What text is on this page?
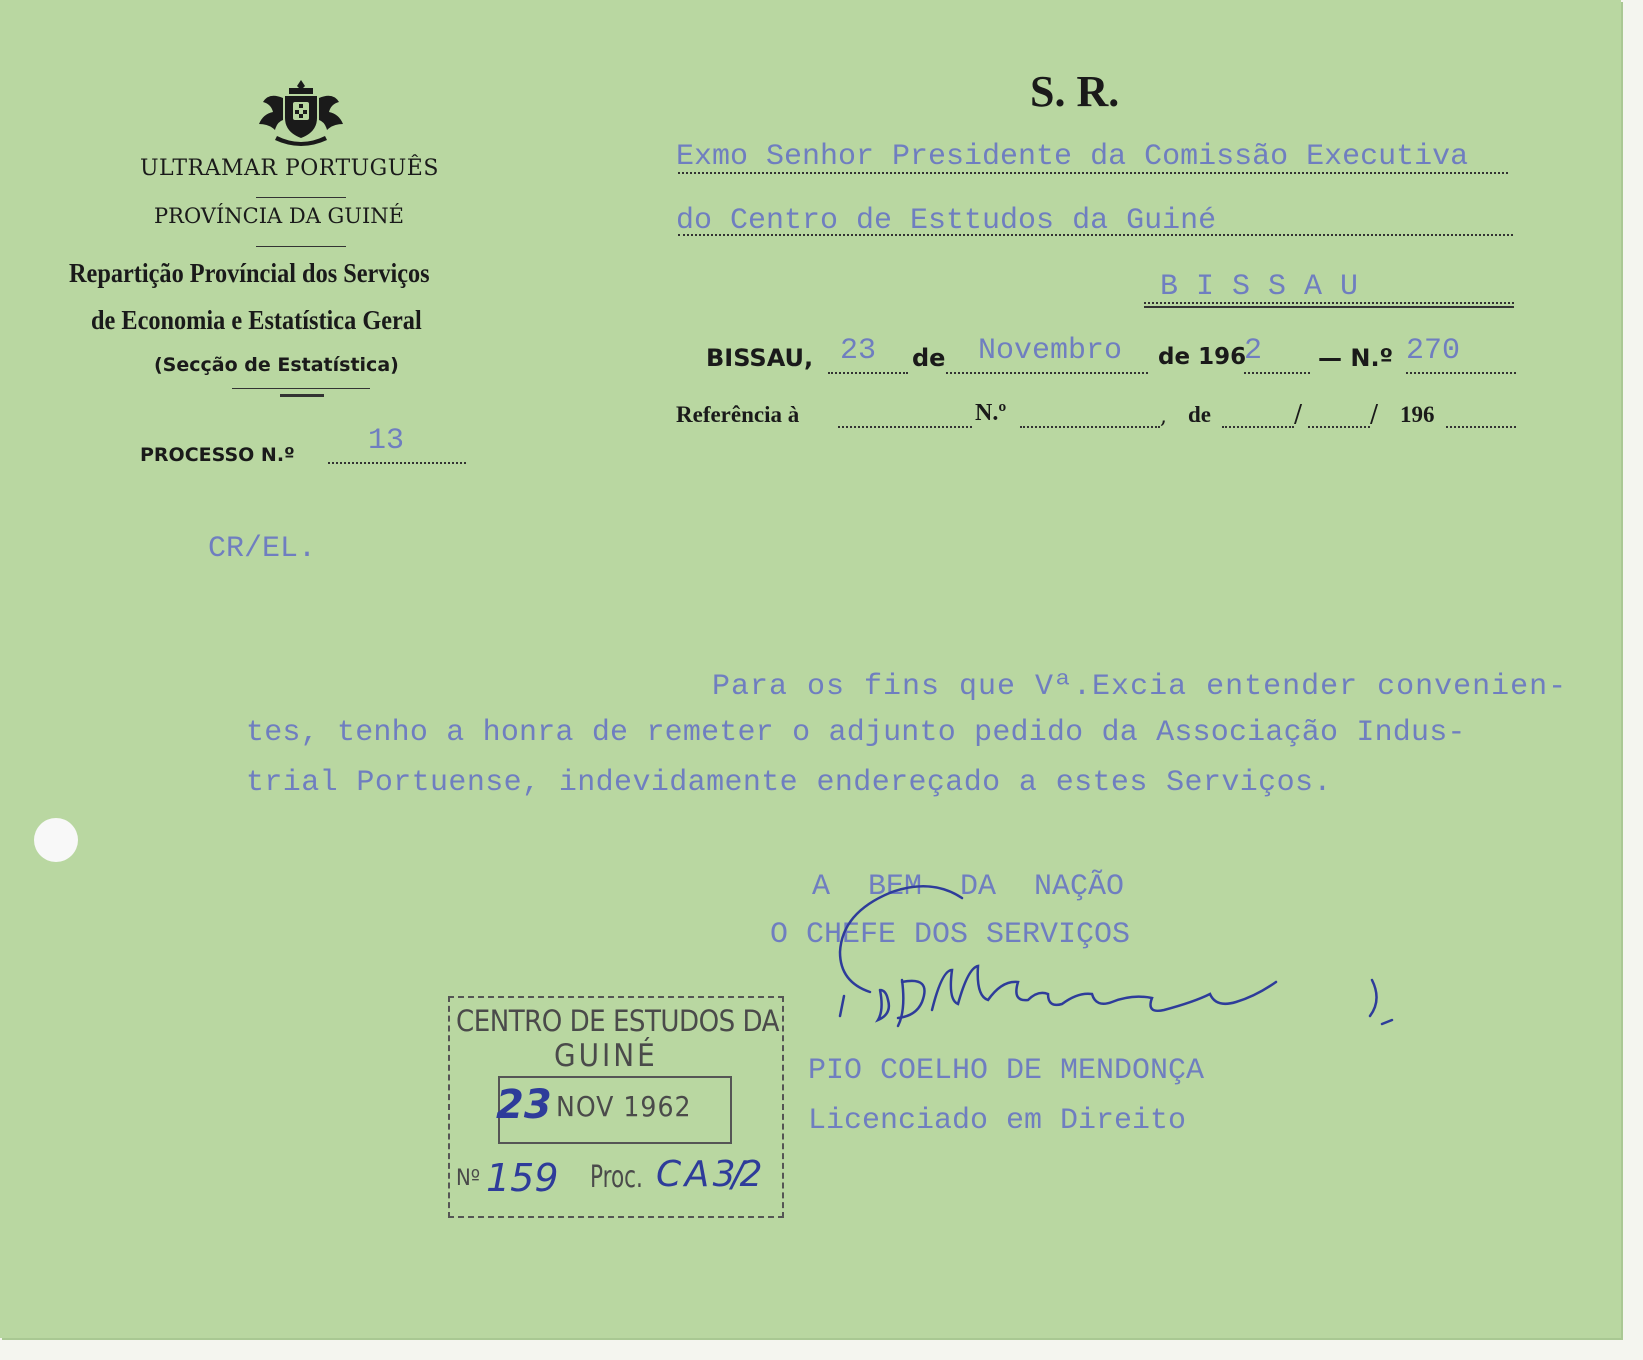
ULTRAMAR PORTUGUÊS
PROVÍNCIA DA GUINÉ
Repartição Províncial dos Serviços
de Economia e Estatística Geral
(Secção de Estatística)
PROCESSO N.º 13
CR/EL.
S. R.
Exmo Senhor Presidente da Comissão Executiva
do Centro de Esttudos da Guiné
B I S S A U
BISSAU, 23 de Novembro de 196
2 — N.º 270
Referência à	N.º	, de	/	/ 196
Para os fins que Vª.Excia entender convenien-
tes, tenho a honra de remeter o adjunto pedido da Associação Indus-
trial Portuense, indevidamente endereçado a estes Serviços.
A BEM DA NAÇÃO
O CHEFE DOS SERVIÇOS
PIO COELHO DE MENDONÇA
Licenciado em Direito
CENTRO DE ESTUDOS DA
GUINÉ
23 NOV 1962
Nº 159 Proc. C A 3/2
